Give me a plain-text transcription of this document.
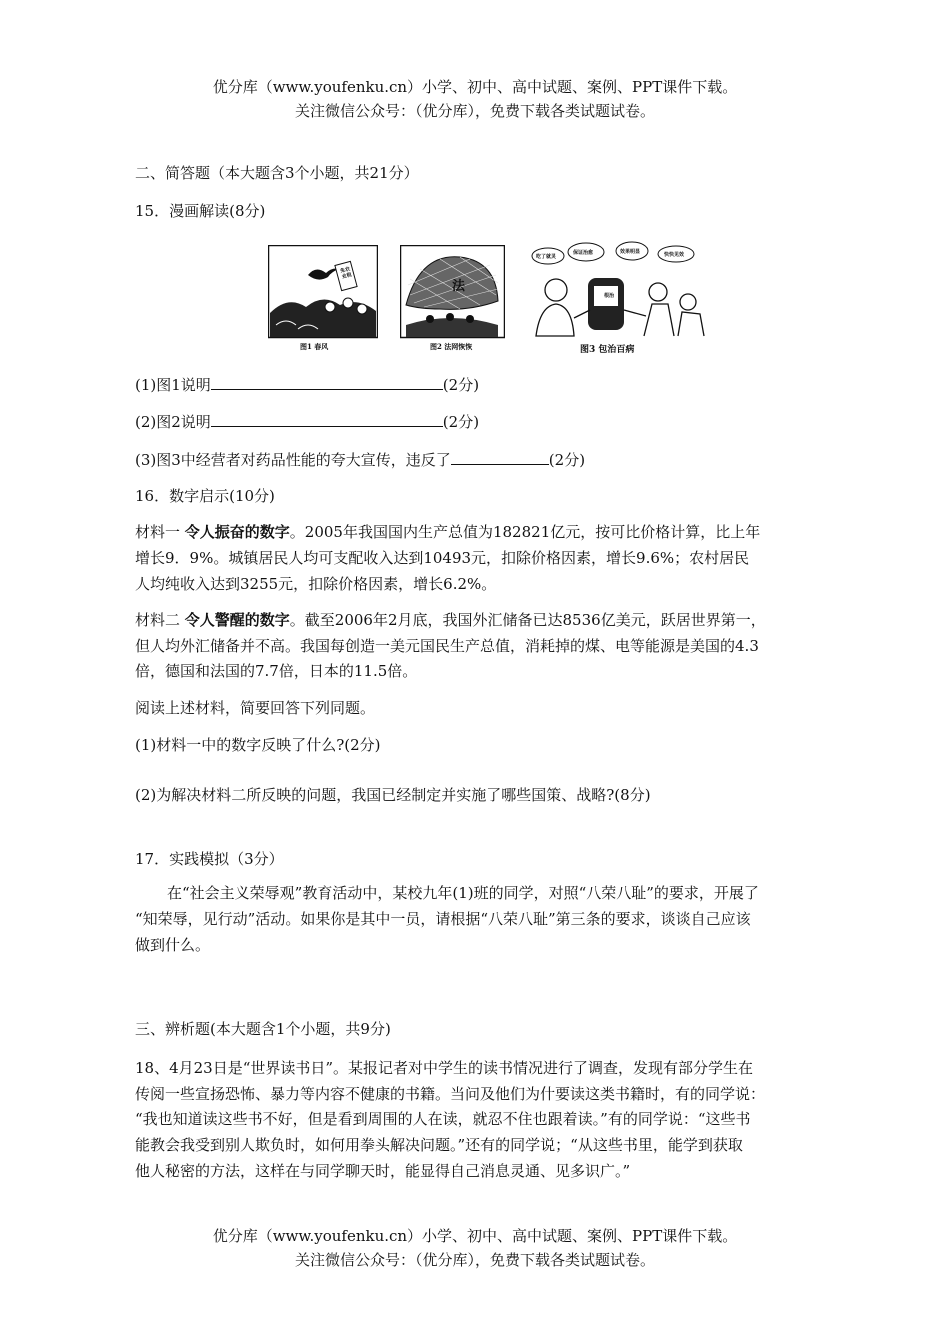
优分库（www.youfenku.cn）小学、初中、高中试题、案例、PPT课件下载。
关注微信公众号：（优分库），免费下载各类试题试卷。
二、简答题（本大题含3个小题，共21分）
15．漫画解读(8分)
图1 春风
免农业税
法
图2 法网恢恢
吃了就灵
保证治愈	效果明显
根治
快快见效
图3 包治百病
(1)图1说明	(2分)
(2)图2说明	(2分)
(3)图3中经营者对药品性能的夸大宣传，违反了	(2分)
16．数字启示(10分)
材料一 令人振奋的数字。2005年我国国内生产总值为182821亿元，按可比价格计算，比上年
增长9．9%。城镇居民人均可支配收入达到10493元，扣除价格因素，增长9.6%；农村居民
人均纯收入达到3255元，扣除价格因素，增长6.2%。
材料二 令人警醒的数字。截至2006年2月底，我国外汇储备已达8536亿美元，跃居世界第一，
但人均外汇储备并不高。我国每创造一美元国民生产总值，消耗掉的煤、电等能源是美国的4.3
倍，德国和法国的7.7倍，日本的11.5倍。
阅读上述材料，简要回答下列同题。
(1)材料一中的数字反映了什么?(2分)
(2)为解决材料二所反映的问题，我国已经制定并实施了哪些国策、战略?(8分)
17．实践模拟（3分）
在“社会主义荣辱观”教育活动中，某校九年(1)班的同学，对照“八荣八耻”的要求，开展了
“知荣辱，见行动”活动。如果你是其中一员，请根据“八荣八耻”第三条的要求，谈谈自己应该
做到什么。
三、辨析题(本大题含1个小题，共9分)
18、4月23日是“世界读书日”。某报记者对中学生的读书情况进行了调查，发现有部分学生在
传阅一些宣扬恐怖、暴力等内容不健康的书籍。当问及他们为什要读这类书籍时，有的同学说：
“我也知道读这些书不好，但是看到周围的人在读，就忍不住也跟着读。”有的同学说：“这些书
能教会我受到别人欺负时，如何用拳头解决问题。”还有的同学说；“从这些书里，能学到获取
他人秘密的方法，这样在与同学聊天时，能显得自己消息灵通、见多识广。”
优分库（www.youfenku.cn）小学、初中、高中试题、案例、PPT课件下载。
关注微信公众号：（优分库），免费下载各类试题试卷。
